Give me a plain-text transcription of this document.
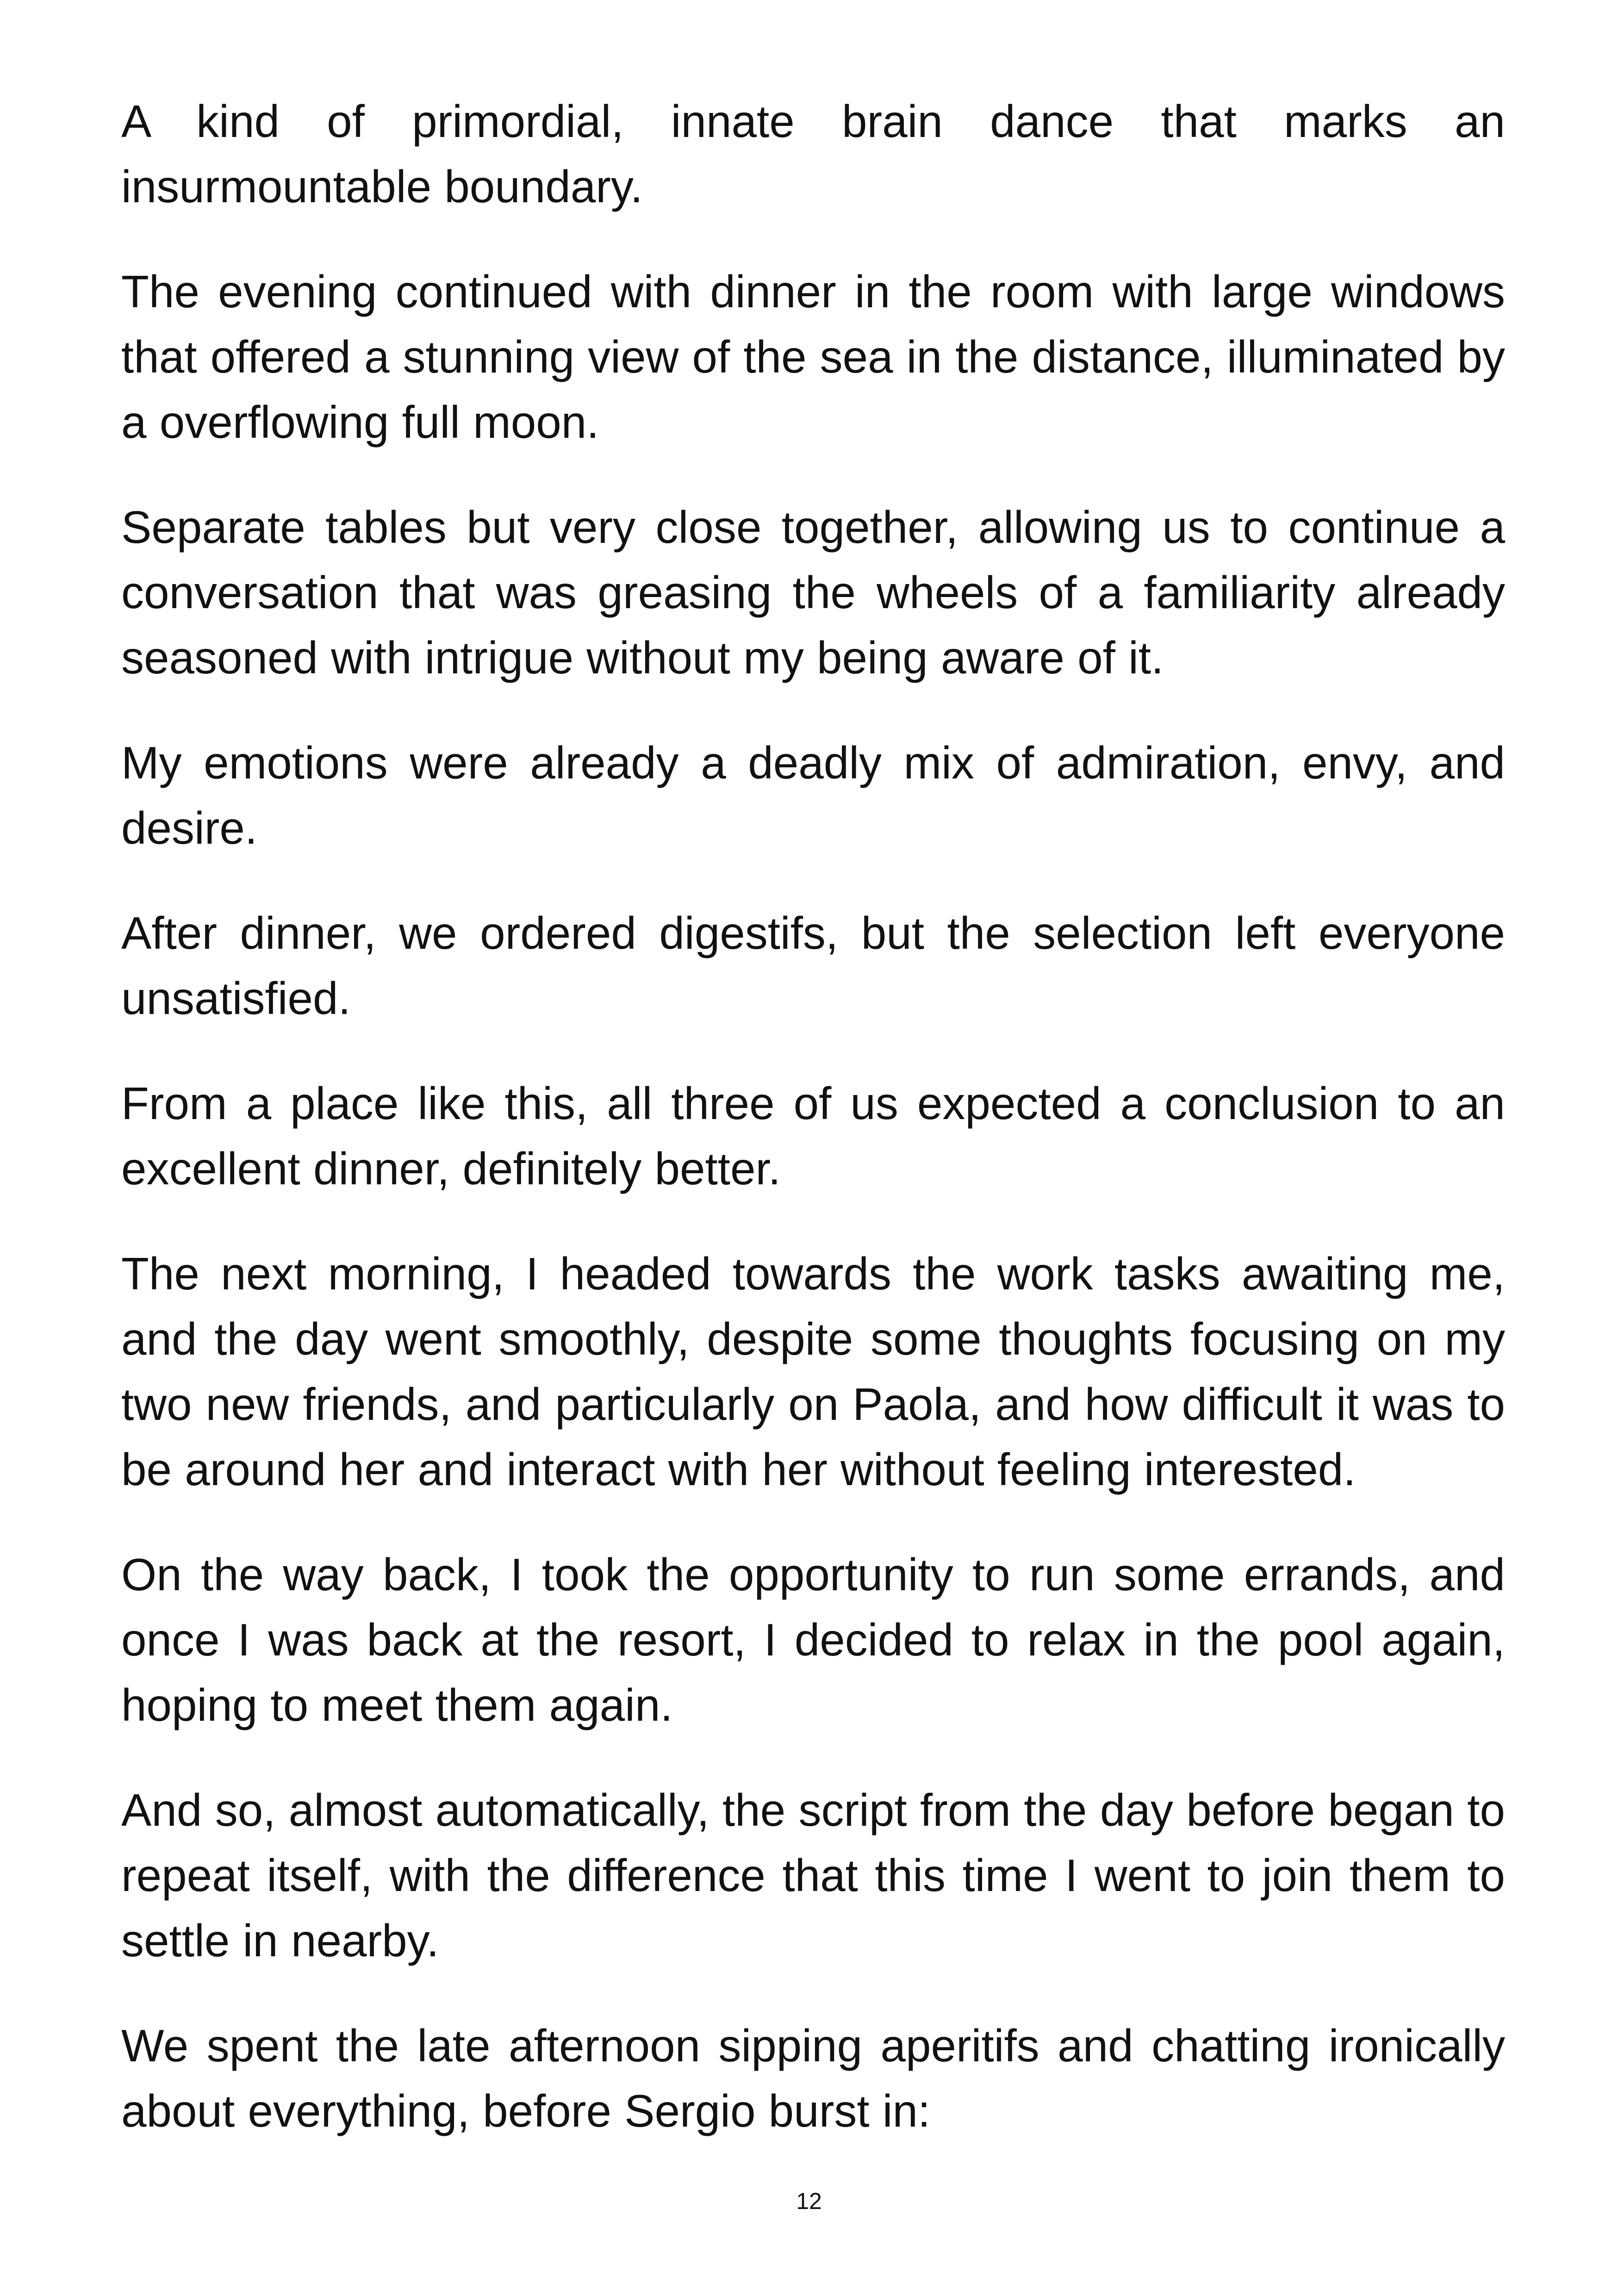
A kind of primordial, innate brain dance that marks an insurmountable boundary.

The evening continued with dinner in the room with large windows that offered a stunning view of the sea in the distance, illuminated by a overflowing full moon.

Separate tables but very close together, allowing us to continue a conversation that was greasing the wheels of a familiarity already seasoned with intrigue without my being aware of it.

My emotions were already a deadly mix of admiration, envy, and desire.

After dinner, we ordered digestifs, but the selection left everyone unsatisfied.

From a place like this, all three of us expected a conclusion to an excellent dinner, definitely better.

The next morning, I headed towards the work tasks awaiting me, and the day went smoothly, despite some thoughts focusing on my two new friends, and particularly on Paola, and how difficult it was to be around her and interact with her without feeling interested.

On the way back, I took the opportunity to run some errands, and once I was back at the resort, I decided to relax in the pool again, hoping to meet them again.

And so, almost automatically, the script from the day before began to repeat itself, with the difference that this time I went to join them to settle in nearby.

We spent the late afternoon sipping aperitifs and chatting ironically about everything, before Sergio burst in:

12
